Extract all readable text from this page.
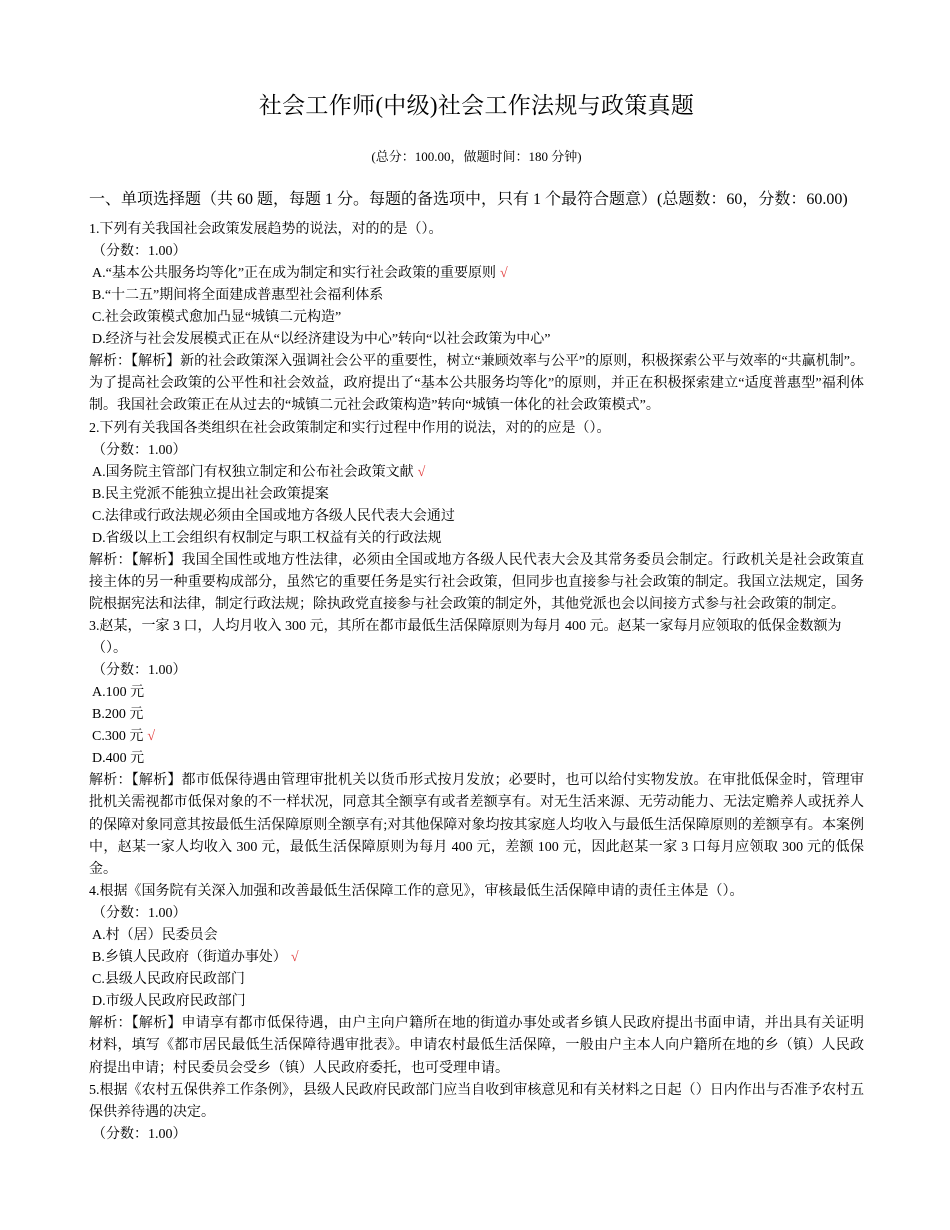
社会工作师(中级)社会工作法规与政策真题
(总分：100.00，做题时间：180 分钟)
一、单项选择题（共 60 题，每题 1 分。每题的备选项中，只有 1 个最符合题意）(总题数：60，分数：60.00)
1.下列有关我国社会政策发展趋势的说法，对的的是（）。
（分数：1.00）
A.“基本公共服务均等化”正在成为制定和实行社会政策的重要原则 √
B.“十二五”期间将全面建成普惠型社会福利体系
C.社会政策模式愈加凸显“城镇二元构造”
D.经济与社会发展模式正在从“以经济建设为中心”转向“以社会政策为中心”
解析：【解析】新的社会政策深入强调社会公平的重要性，树立“兼顾效率与公平”的原则，积极探索公平与效率的“共赢机制”。为了提高社会政策的公平性和社会效益，政府提出了“基本公共服务均等化”的原则，并正在积极探索建立“适度普惠型”福利体制。我国社会政策正在从过去的“城镇二元社会政策构造”转向“城镇一体化的社会政策模式”。
2.下列有关我国各类组织在社会政策制定和实行过程中作用的说法，对的的应是（）。
（分数：1.00）
A.国务院主管部门有权独立制定和公布社会政策文献 √
B.民主党派不能独立提出社会政策提案
C.法律或行政法规必须由全国或地方各级人民代表大会通过
D.省级以上工会组织有权制定与职工权益有关的行政法规
解析：【解析】我国全国性或地方性法律，必须由全国或地方各级人民代表大会及其常务委员会制定。行政机关是社会政策直接主体的另一种重要构成部分，虽然它的重要任务是实行社会政策，但同步也直接参与社会政策的制定。我国立法规定，国务院根据宪法和法律，制定行政法规；除执政党直接参与社会政策的制定外，其他党派也会以间接方式参与社会政策的制定。
3.赵某，一家 3 口，人均月收入 300 元，其所在都市最低生活保障原则为每月 400 元。赵某一家每月应领取的低保金数额为
（）。
（分数：1.00）
A.100 元
B.200 元
C.300 元 √
D.400 元
解析：【解析】都市低保待遇由管理审批机关以货币形式按月发放；必要时，也可以给付实物发放。在审批低保金时，管理审批机关需视都市低保对象的不一样状况，同意其全额享有或者差额享有。对无生活来源、无劳动能力、无法定赡养人或抚养人的保障对象同意其按最低生活保障原则全额享有;对其他保障对象均按其家庭人均收入与最低生活保障原则的差额享有。本案例中，赵某一家人均收入 300 元，最低生活保障原则为每月 400 元，差额 100 元，因此赵某一家 3 口每月应领取 300 元的低保金。
4.根据《国务院有关深入加强和改善最低生活保障工作的意见》，审核最低生活保障申请的责任主体是（）。
（分数：1.00）
A.村（居）民委员会
B.乡镇人民政府（街道办事处） √
C.县级人民政府民政部门
D.市级人民政府民政部门
解析：【解析】申请享有都市低保待遇，由户主向户籍所在地的街道办事处或者乡镇人民政府提出书面申请，并出具有关证明材料，填写《都市居民最低生活保障待遇审批表》。申请农村最低生活保障，一般由户主本人向户籍所在地的乡（镇）人民政府提出申请；村民委员会受乡（镇）人民政府委托，也可受理申请。
5.根据《农村五保供养工作条例》，县级人民政府民政部门应当自收到审核意见和有关材料之日起（）日内作出与否准予农村五保供养待遇的决定。
（分数：1.00）
